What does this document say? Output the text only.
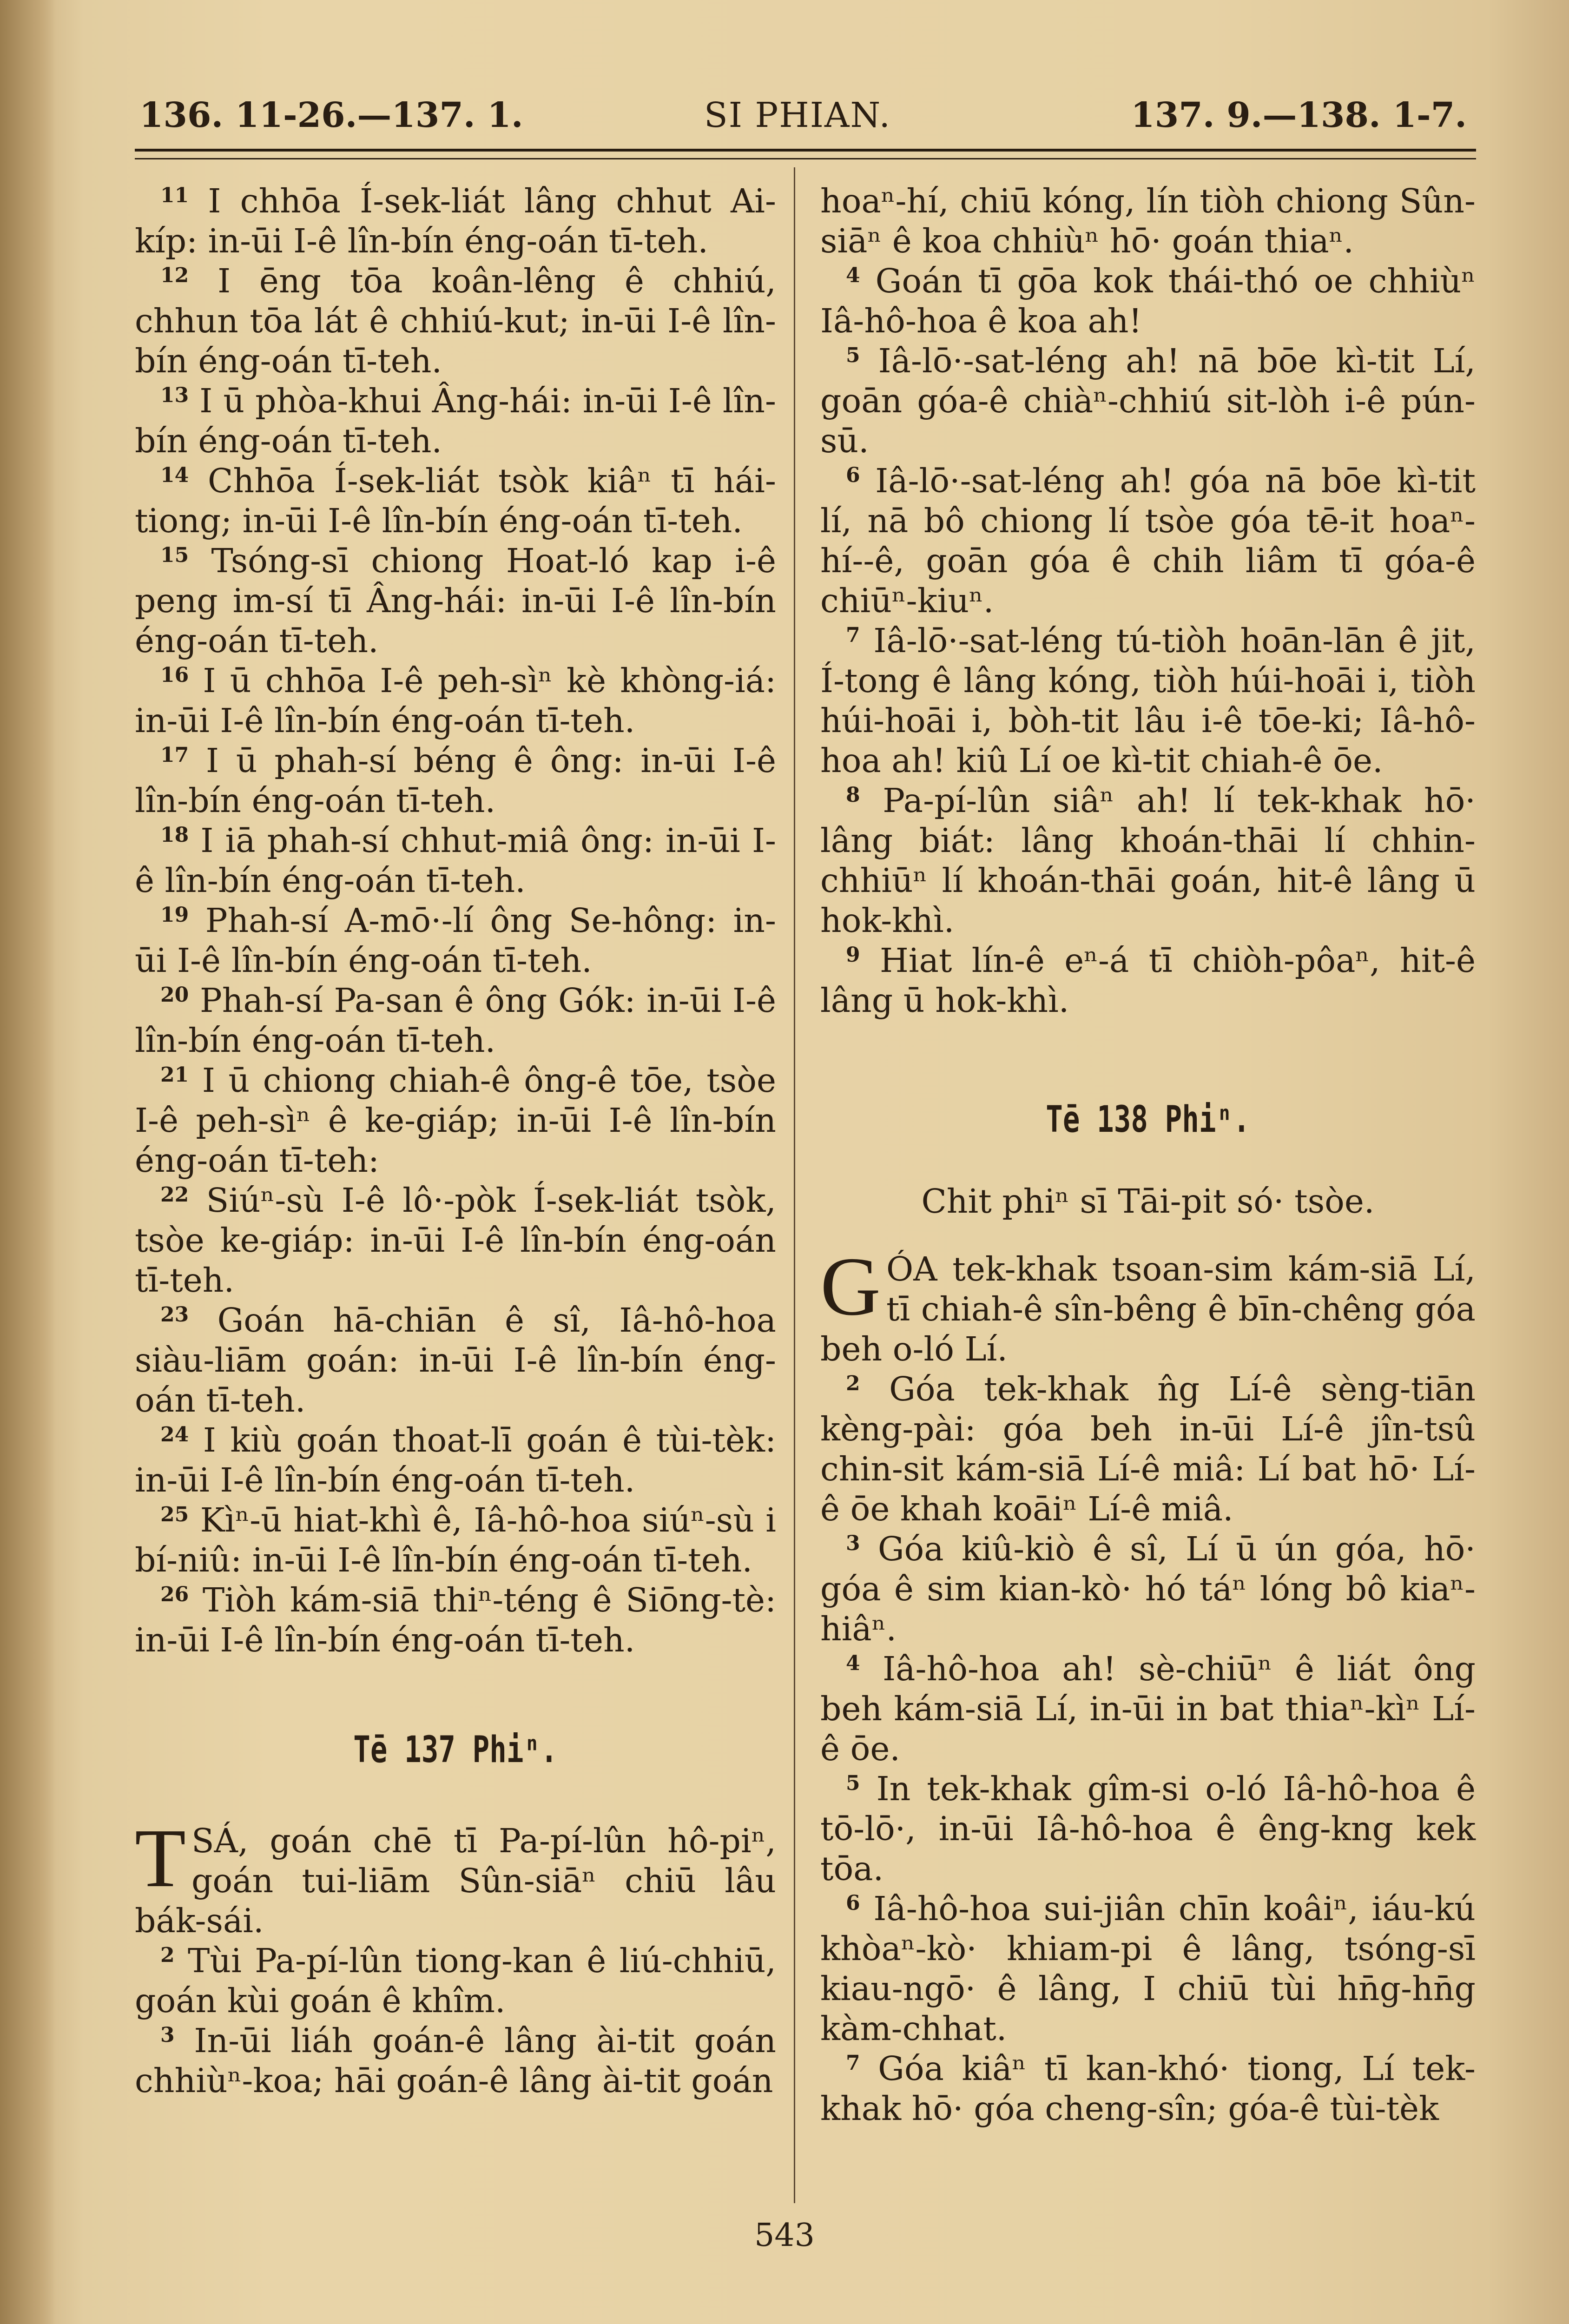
136. 11-26.—137. 1.	SI PHIAN.	137. 9.—138. 1-7.

$^{11}$ I chhōa Í-sek-liát lâng chhut Ai-kíp: in-ūi I-ê lîn-bín éng-oán tī-teh.

$^{12}$ I ēng tōa koân-lêng ê chhiú, chhun tōa lát ê chhiú-kut; in-ūi I-ê lîn-bín éng-oán tī-teh.

$^{13}$ I ū phòa-khui Âng-hái: in-ūi I-ê lîn-bín éng-oán tī-teh.

$^{14}$ Chhōa Í-sek-liát tsòk kiâⁿ tī hái-tiong; in-ūi I-ê lîn-bín éng-oán tī-teh.

$^{15}$ Tsóng-sī chiong Hoat-ló kap i-ê peng im-sí tī Âng-hái: in-ūi I-ê lîn-bín éng-oán tī-teh.

$^{16}$ I ū chhōa I-ê peh-sìⁿ kè khòng-iá: in-ūi I-ê lîn-bín éng-oán tī-teh.

$^{17}$ I ū phah-sí béng ê ông: in-ūi I-ê lîn-bín éng-oán tī-teh.

$^{18}$ I iā phah-sí chhut-miâ ông: in-ūi I-ê lîn-bín éng-oán tī-teh.

$^{19}$ Phah-sí A-mō·-lí ông Se-hông: in-ūi I-ê lîn-bín éng-oán tī-teh.

$^{20}$ Phah-sí Pa-san ê ông Gók: in-ūi I-ê lîn-bín éng-oán tī-teh.

$^{21}$ I ū chiong chiah-ê ông-ê tōe, tsòe I-ê peh-sìⁿ ê ke-giáp; in-ūi I-ê lîn-bín éng-oán tī-teh:

$^{22}$ Siúⁿ-sù I-ê lô·-pòk Í-sek-liát tsòk, tsòe ke-giáp: in-ūi I-ê lîn-bín éng-oán tī-teh.

$^{23}$ Goán hā-chiān ê sî, Iâ-hô-hoa siàu-liām goán: in-ūi I-ê lîn-bín éng-oán tī-teh.

$^{24}$ I kiù goán thoat-lī goán ê tùi-tèk: in-ūi I-ê lîn-bín éng-oán tī-teh.

$^{25}$ Kìⁿ-ū hiat-khì ê, Iâ-hô-hoa siúⁿ-sù i bí-niû: in-ūi I-ê lîn-bín éng-oán tī-teh.

$^{26}$ Tiòh kám-siā thiⁿ-téng ê Siōng-tè: in-ūi I-ê lîn-bín éng-oán tī-teh.

Tē 137 Phiⁿ.

TSÁ, goán chē tī Pa-pí-lûn hô-piⁿ, goán tui-liām Sûn-siāⁿ chiū lâu bák-sái.

$^2$ Tùi Pa-pí-lûn tiong-kan ê liú-chhiū, goán kùi goán ê khîm.

$^3$ In-ūi liáh goán-ê lâng ài-tit goán chhiùⁿ-koa; hāi goán-ê lâng ài-tit goán

hoaⁿ-hí, chiū kóng, lín tiòh chiong Sûn-siāⁿ ê koa chhiùⁿ hō· goán thiaⁿ.

$^4$ Goán tī gōa kok thái-thó oe chhiùⁿ Iâ-hô-hoa ê koa ah!

$^5$ Iâ-lō·-sat-léng ah! nā bōe kì-tit Lí, goān góa-ê chiàⁿ-chhiú sit-lòh i-ê pún-sū.

$^6$ Iâ-lō·-sat-léng ah! góa nā bōe kì-tit lí, nā bô chiong lí tsòe góa tē-it hoaⁿ-hí--ê, goān góa ê chih liâm tī góa-ê chiūⁿ-kiuⁿ.

$^7$ Iâ-lō·-sat-léng tú-tiòh hoān-lān ê jit, Í-tong ê lâng kóng, tiòh húi-hoāi i, tiòh húi-hoāi i, bòh-tit lâu i-ê tōe-ki; Iâ-hô-hoa ah! kiû Lí oe kì-tit chiah-ê ōe.

$^8$ Pa-pí-lûn siâⁿ ah! lí tek-khak hō· lâng biát: lâng khoán-thāi lí chhin-chhiūⁿ lí khoán-thāi goán, hit-ê lâng ū hok-khì.

$^9$ Hiat lín-ê eⁿ-á tī chiòh-pôaⁿ, hit-ê lâng ū hok-khì.

Tē 138 Phiⁿ.
Chit phiⁿ sī Tāi-pit só· tsòe.

GÓA tek-khak tsoan-sim kám-siā Lí, tī chiah-ê sîn-bêng ê bīn-chêng góa beh o-ló Lí.

$^2$ Góa tek-khak n̂g Lí-ê sèng-tiān kèng-pài: góa beh in-ūi Lí-ê jîn-tsû chin-sit kám-siā Lí-ê miâ: Lí bat hō· Lí-ê ōe khah koāiⁿ Lí-ê miâ.

$^3$ Góa kiû-kiò ê sî, Lí ū ún góa, hō· góa ê sim kian-kò· hó táⁿ lóng bô kiaⁿ-hiâⁿ.

$^4$ Iâ-hô-hoa ah! sè-chiūⁿ ê liát ông beh kám-siā Lí, in-ūi in bat thiaⁿ-kìⁿ Lí-ê ōe.

$^5$ In tek-khak gîm-si o-ló Iâ-hô-hoa ê tō-lō·, in-ūi Iâ-hô-hoa ê êng-kng kek tōa.

$^6$ Iâ-hô-hoa sui-jiân chīn koâiⁿ, iáu-kú khòaⁿ-kò· khiam-pi ê lâng, tsóng-sī kiau-ngō· ê lâng, I chiū tùi hn̄g-hn̄g kàm-chhat.

$^7$ Góa kiâⁿ tī kan-khó· tiong, Lí tek-khak hō· góa cheng-sîn; góa-ê tùi-tèk

543
